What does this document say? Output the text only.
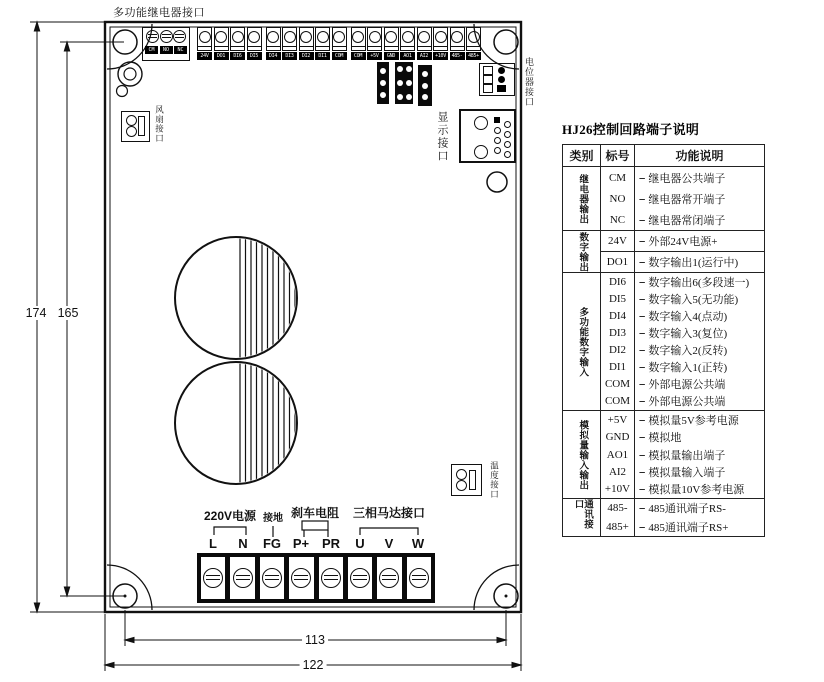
多功能继电器接口
CM	NO	NC
24V	DO1	DI6	DI5	DI4	DI3	DI2	DI1	COM	COM	+5V	GND	AO1	AI2	+10V	485-	485+
电位器接口
风扇接口	显示接口
温度接口
220V电源 接地 刹车电阻 三相马达接口
L N FG P+ PR U V W
174 165
113
122
HJ26控制回路端子说明
类别 标号	功能说明
继电器输出	CM	-- 继电器公共端子
NO	-- 继电器常开端子
NC	-- 继电器常闭端子
数字输出	24V	-- 外部24V电源+
DO1 -- 数字输出1(运行中)
多功能数字输入
DI6	-- 数字输出6(多段速一)
DI5	-- 数字输入5(无功能)
DI4	-- 数字输入4(点动)
DI3	-- 数字输入3(复位)
DI2	-- 数字输入2(反转)
DI1	-- 数字输入1(正转)
COM -- 外部电源公共端
COM -- 外部电源公共端
模拟量输入输出	+5V	-- 模拟量5V参考电源
GND -- 模拟地
AO1 -- 模拟量输出端子
AI2	-- 模拟量输入端子
+10V -- 模拟量10V参考电源
通讯接口	485-	-- 485通讯端子RS-
485+ -- 485通讯端子RS+
